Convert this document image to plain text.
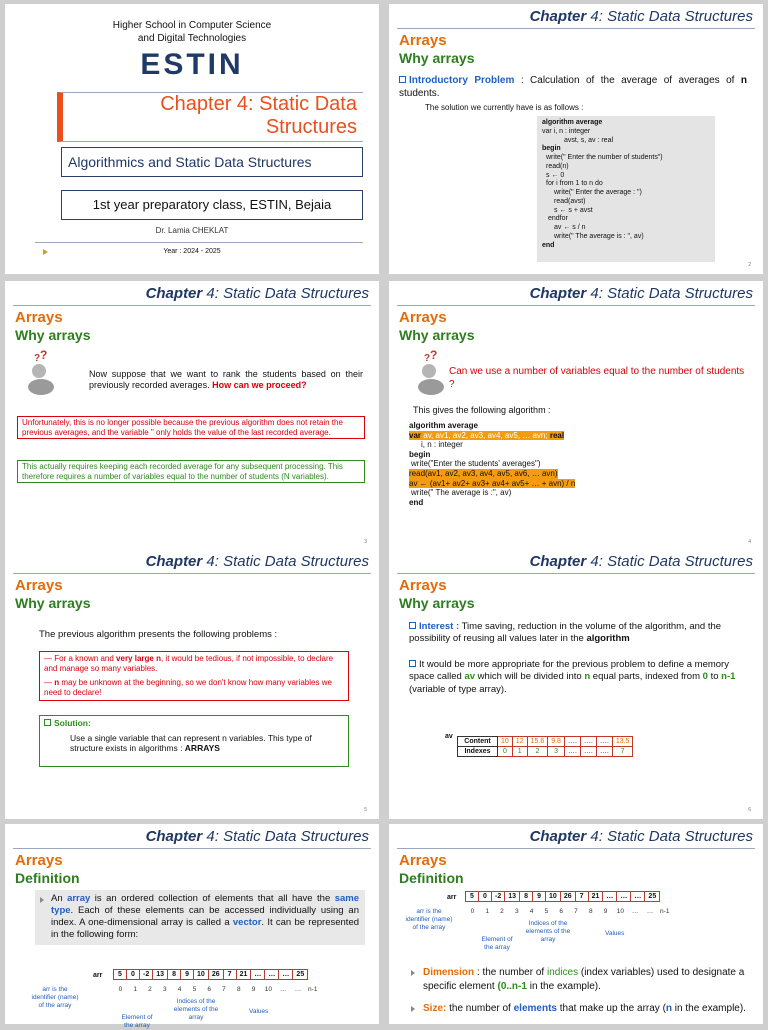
Higher School in Computer Science
and Digital Technologies
ESTIN
Chapter 4: Static Data
Structures
Algorithmics and Static Data Structures
1st year preparatory class, ESTIN, Bejaia
Dr. Lamia CHEKLAT
Year : 2024 - 2025
Chapter 4: Static Data Structures
Arrays
Why arrays
Introductory Problem : Calculation of the average of averages of n students.
The solution we currently have is as follows :
algorithm average
var i, n : integer
avst, s, av : real
begin
write(" Enter the number of students")
read(n)
s ← 0
for i from 1 to n do
write(" Enter the average : ")
read(avst)
s ← s + avst
endfor
av ← s / n
write(" The average is : ", av)
end
2
Chapter 4: Static Data Structures
Arrays
Why arrays
? ?
Now suppose that we want to rank the students based on their previously recorded averages. How can we proceed?
Unfortunately, this is no longer possible because the previous algorithm does not retain the previous averages, and the variable " only holds the value of the last recorded average.
This actually requires keeping each recorded average for any subsequent processing. This therefore requires a number of variables equal to the number of students (N variables).
3
Chapter 4: Static Data Structures
Arrays
Why arrays
? ?
Can we use a number of variables equal to the number of students ?
This gives the following algorithm :
algorithm average
var av, av1, av2, av3, av4, av5, … avn; real
i, n : integer
begin
write("Enter the students' averages")
read(av1, av2, av3, av4, av5, av6, … avn) av ← (av1+ av2+ av3+ av4+ av5+ … + avn) / n
write(" The average is :", av)
end
4
Chapter 4: Static Data Structures
Arrays
Why arrays
The previous algorithm presents the following problems :
— For a known and very large n, it would be tedious, if not impossible, to declare and manage so many variables.
— n may be unknown at the beginning, so we don't know how many variables we need to declare!
Solution:
Use a single variable that can represent n variables. This type of structure exists in algorithms : ARRAYS
5
Chapter 4: Static Data Structures
Arrays
Why arrays
Interest : Time saving, reduction in the volume of the algorithm, and the possibility of reusing all values later in the algorithm
It would be more appropriate for the previous problem to define a memory space called av which will be divided into n equal parts, indexed from 0 to n-1 (variable of type array).
av
Content	10	12	15.6	9.8	….	….	….	13.5
Indexes	0	1	2	3	….	….	….	7
6
Chapter 4: Static Data Structures
Arrays
Definition
An array is an ordered collection of elements that all have the same type. Each of these elements can be accessed individually using an index. A one-dimensional array is called a vector. It can be represented in the following form:
arr 5	0	-2	13	8	9	10	26	7	21	…	…	…	25
0	1	2	3	4	5	6	7	8	9	10	…	…	n-1
arr is the identifier (name) of the array
Element of the array
Indices of the elements of the array
Values
Chapter 4: Static Data Structures
Arrays
Definition
arr 5	0	-2	13	8	9	10	26	7	21	…	…	…	25
0	1	2	3	4	5	6	7	8	9	10	…	…	n-1
arr is the identifier (name) of the array
Element of the array
Indices of the elements of the array
Values
Dimension : the number of indices (index variables) used to designate a specific element (0..n-1 in the example).
Size: the number of elements that make up the array (n in the example).
